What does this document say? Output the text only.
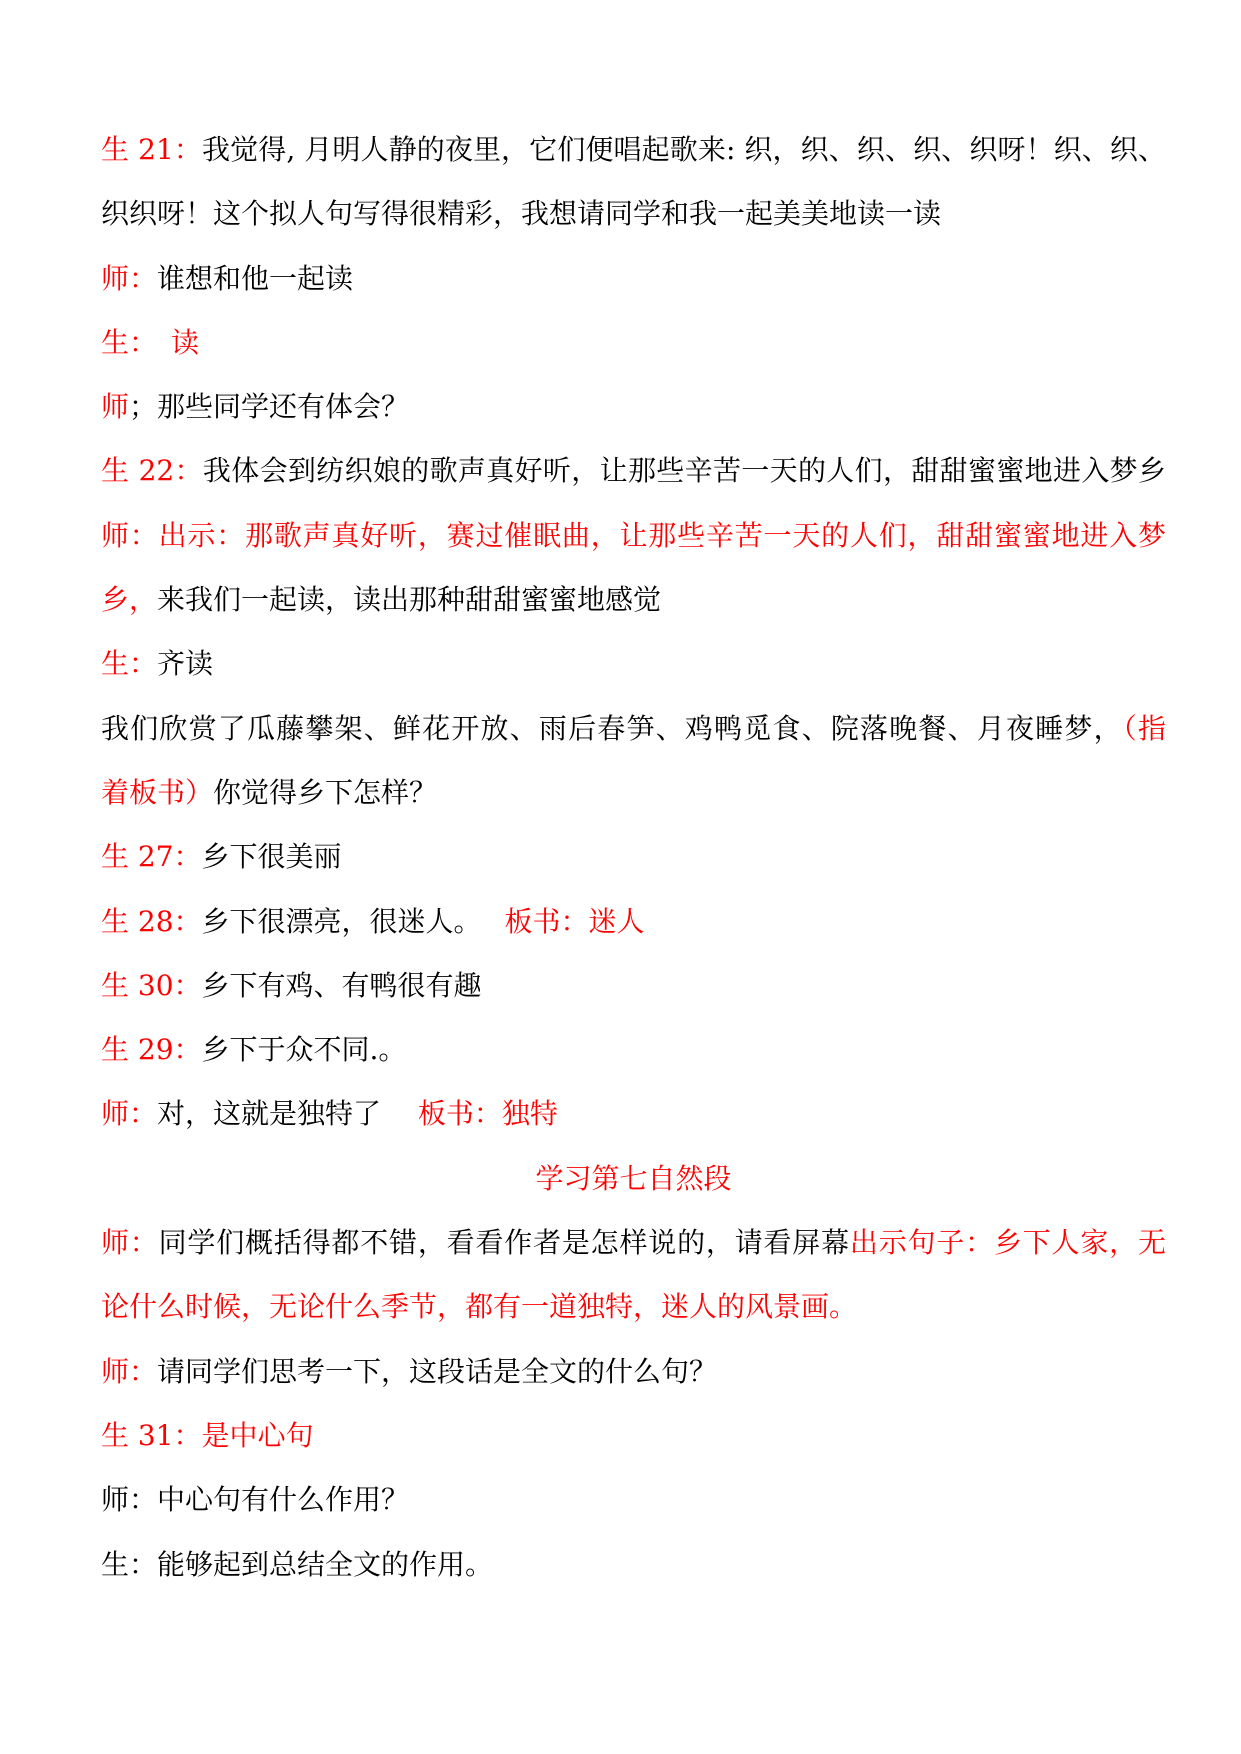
生 21：我觉得, 月明人静的夜里，它们便唱起歌来: 织，织、织、织、织呀！织、织、
织织呀！这个拟人句写得很精彩，我想请同学和我一起美美地读一读
师：谁想和他一起读
生：　读
师；那些同学还有体会？
生 22：我体会到纺织娘的歌声真好听，让那些辛苦一天的人们，甜甜蜜蜜地进入梦乡
师：出示：那歌声真好听，赛过催眠曲，让那些辛苦一天的人们，甜甜蜜蜜地进入梦
乡，来我们一起读，读出那种甜甜蜜蜜地感觉
生：齐读
我们欣赏了瓜藤攀架、鲜花开放、雨后春笋、鸡鸭觅食、院落晚餐、月夜睡梦，（指
着板书）你觉得乡下怎样？
生 27：乡下很美丽
生 28：乡下很漂亮，很迷人。　 板书：迷人
生 30：乡下有鸡、有鸭很有趣
生 29：乡下于众不同.。
师：对，这就是独特了　 板书：独特
学习第七自然段
师：同学们概括得都不错，看看作者是怎样说的，请看屏幕出示句子：乡下人家，无
论什么时候，无论什么季节，都有一道独特，迷人的风景画。
师：请同学们思考一下，这段话是全文的什么句？
生 31：是中心句
师：中心句有什么作用？
生：能够起到总结全文的作用。
